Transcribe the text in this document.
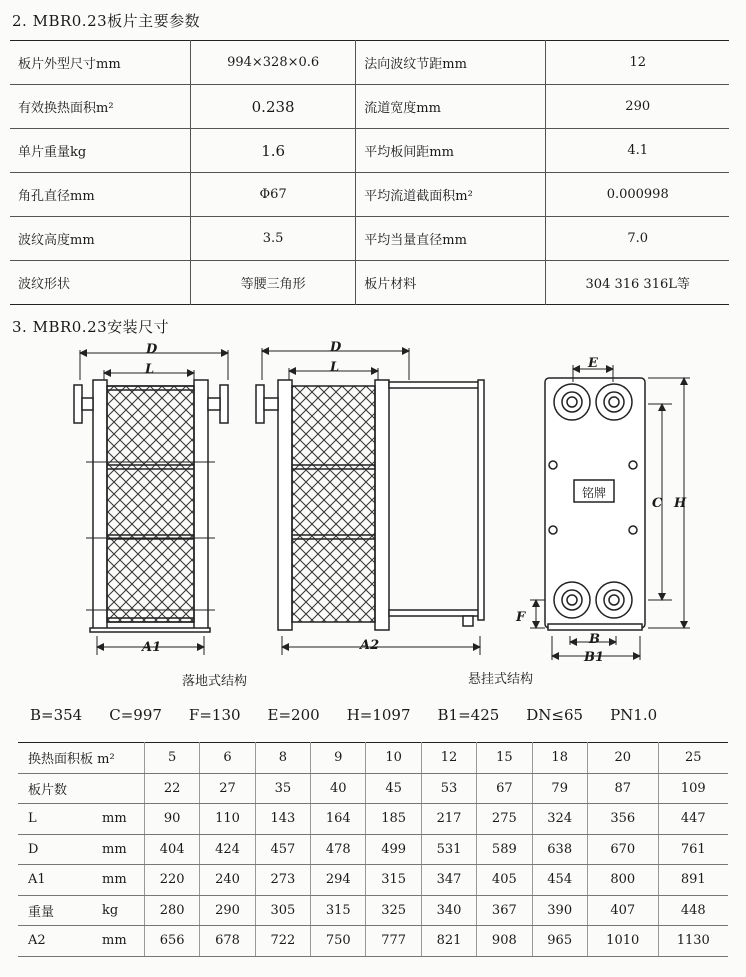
2. MBR0.23板片主要参数
板片外型尺寸mm	994×328×0.6	法向波纹节距mm	12
有效换热面积m²	0.238	流道宽度mm	290
单片重量kg	1.6	平均板间距mm	4.1
角孔直径mm	Φ67	平均流道截面积m²	0.000998
波纹高度mm	3.5	平均当量直径mm	7.0
波纹形状	等腰三角形	板片材料	304 316 316L等
3. MBR0.23安装尺寸
D
L
A1
D
L
A2
E
C H
F
B
B1
铭牌
落地式结构	悬挂式结构
B=354 C=997 F=130 E=200 H=1097 B1=425 DN≤65 PN1.0
换热面积板 m²		5	6	8	9	10	12	15	18	20	25
板片数		22	27	35	40	45	53	67	79	87	109
L	mm	90	110	143	164	185	217	275	324	356	447
D	mm	404	424	457	478	499	531	589	638	670	761
A1	mm	220	240	273	294	315	347	405	454	800	891
重量	kg	280	290	305	315	325	340	367	390	407	448
A2	mm	656	678	722	750	777	821	908	965	1010	1130
